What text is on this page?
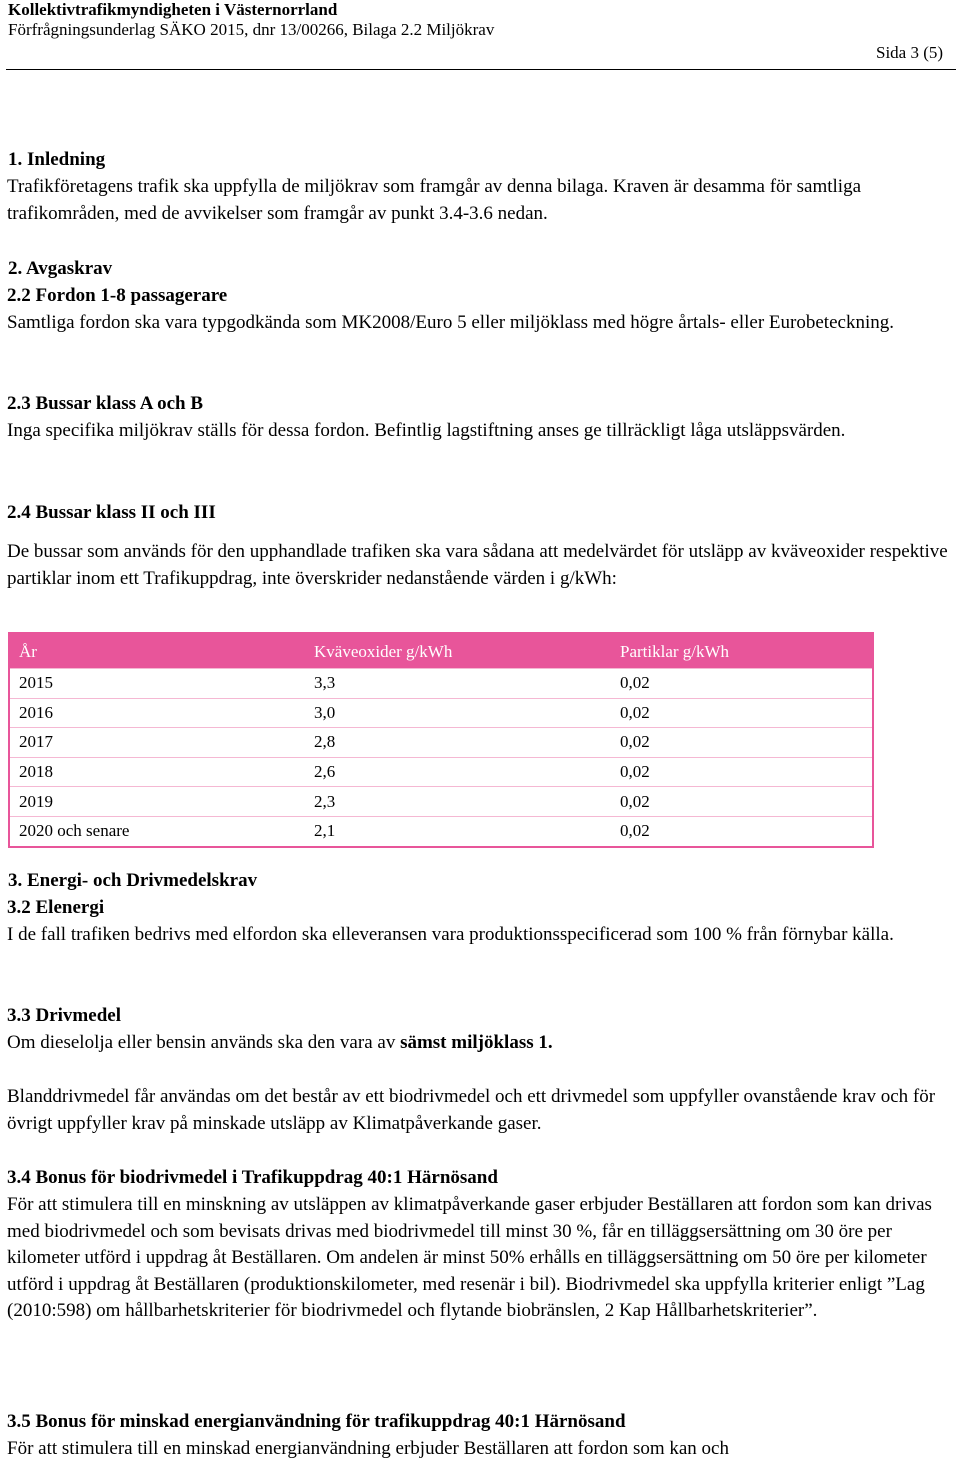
Kollektivtrafikmyndigheten i Västernorrland
Förfrågningsunderlag SÄKO 2015, dnr 13/00266, Bilaga 2.2 Miljökrav
Sida 3 (5)
1. Inledning
Trafikföretagens trafik ska uppfylla de miljökrav som framgår av denna bilaga. Kraven är desamma för samtliga trafikområden, med de avvikelser som framgår av punkt 3.4-3.6 nedan.
2. Avgaskrav
2.2 Fordon 1-8 passagerare
Samtliga fordon ska vara typgodkända som MK2008/Euro 5 eller miljöklass med högre årtals- eller Eurobeteckning.
2.3 Bussar klass A och B
Inga specifika miljökrav ställs för dessa fordon. Befintlig lagstiftning anses ge tillräckligt låga utsläppsvärden.
2.4 Bussar klass II och III
De bussar som används för den upphandlade trafiken ska vara sådana att medelvärdet för utsläpp av kväveoxider respektive partiklar inom ett Trafikuppdrag, inte överskrider nedanstående värden i g/kWh:
År	Kväveoxider g/kWh	Partiklar g/kWh
2015	3,3	0,02
2016	3,0	0,02
2017	2,8	0,02
2018	2,6	0,02
2019	2,3	0,02
2020 och senare	2,1	0,02
3. Energi- och Drivmedelskrav
3.2 Elenergi
I de fall trafiken bedrivs med elfordon ska elleveransen vara produktionsspecificerad som 100 % från förnybar källa.
3.3 Drivmedel
Om dieselolja eller bensin används ska den vara av sämst miljöklass 1.
Blanddrivmedel får användas om det består av ett biodrivmedel och ett drivmedel som uppfyller ovanstående krav och för övrigt uppfyller krav på minskade utsläpp av Klimatpåverkande gaser.
3.4 Bonus för biodrivmedel i Trafikuppdrag 40:1 Härnösand
För att stimulera till en minskning av utsläppen av klimatpåverkande gaser erbjuder Beställaren att fordon som kan drivas med biodrivmedel och som bevisats drivas med biodrivmedel till minst 30 %, får en tilläggsersättning om 30 öre per kilometer utförd i uppdrag åt Beställaren. Om andelen är minst 50% erhålls en tilläggsersättning om 50 öre per kilometer utförd i uppdrag åt Beställaren (produktionskilometer, med resenär i bil). Biodrivmedel ska uppfylla kriterier enligt ”Lag (2010:598) om hållbarhetskriterier för biodrivmedel och flytande biobränslen, 2 Kap Hållbarhetskriterier”.
3.5 Bonus för minskad energianvändning för trafikuppdrag 40:1 Härnösand
För att stimulera till en minskad energianvändning erbjuder Beställaren att fordon som kan och
